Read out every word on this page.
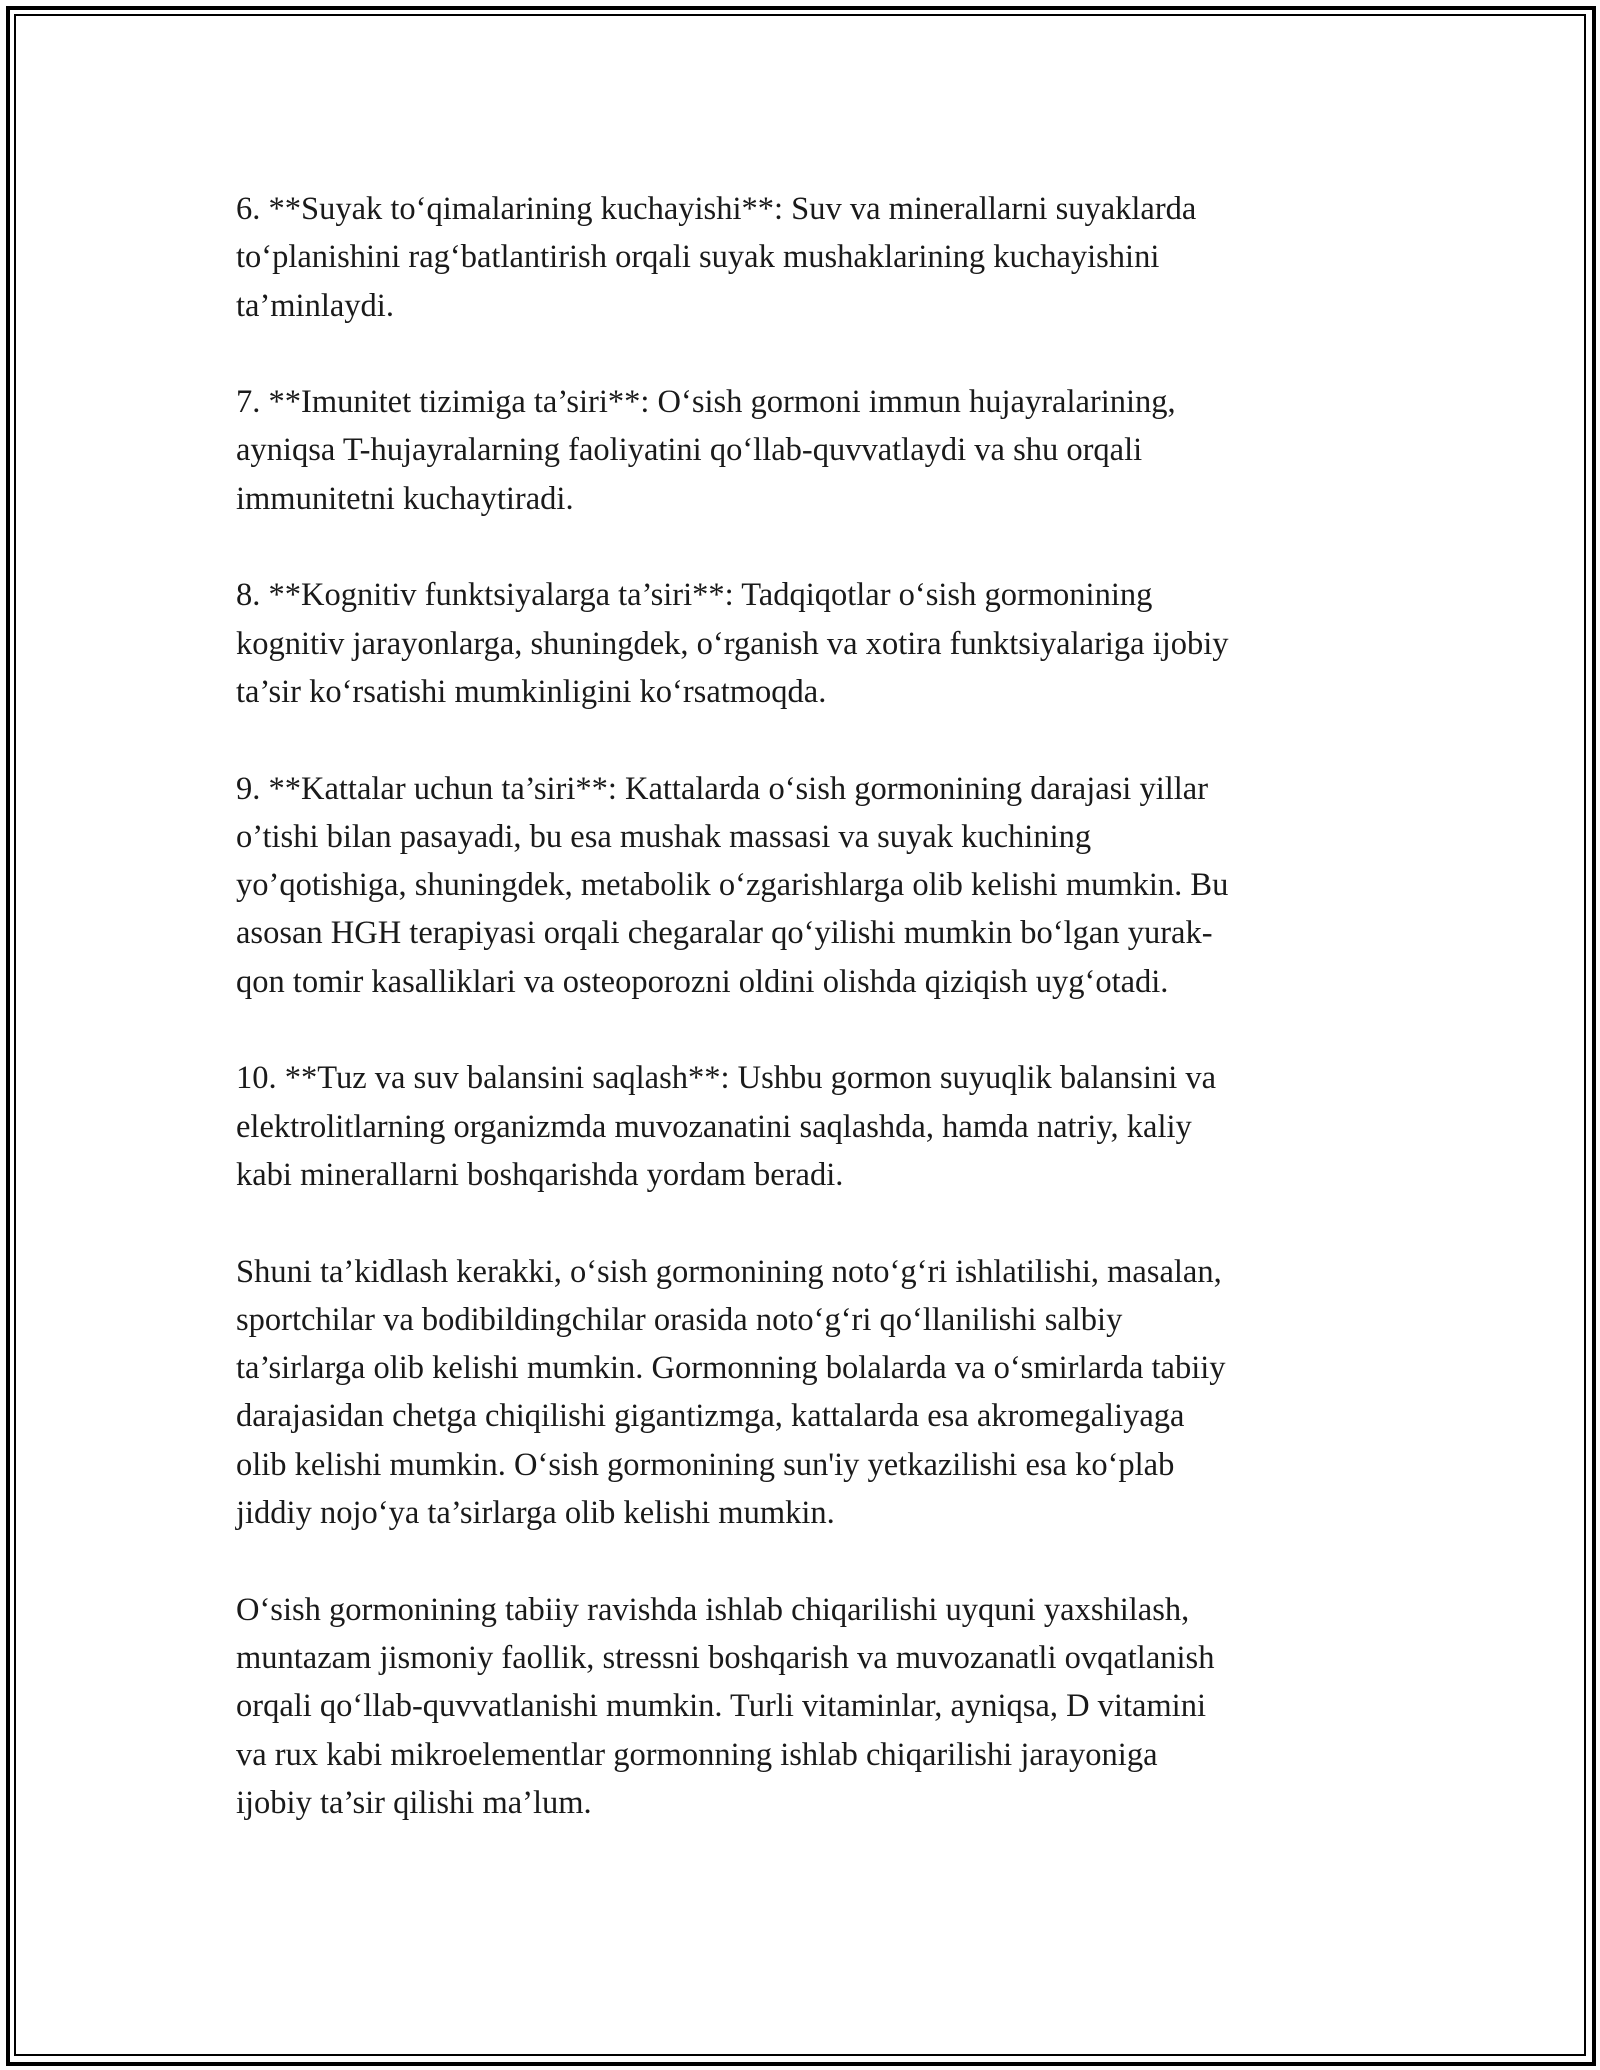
6. **Suyak to‘qimalarining kuchayishi**: Suv va minerallarni suyaklarda
to‘planishini rag‘batlantirish orqali suyak mushaklarining kuchayishini
ta’minlaydi.

7. **Imunitet tizimiga ta’siri**: O‘sish gormoni immun hujayralarining,
ayniqsa T-hujayralarning faoliyatini qo‘llab-quvvatlaydi va shu orqali
immunitetni kuchaytiradi.

8. **Kognitiv funktsiyalarga ta’siri**: Tadqiqotlar o‘sish gormonining
kognitiv jarayonlarga, shuningdek, o‘rganish va xotira funktsiyalariga ijobiy
ta’sir ko‘rsatishi mumkinligini ko‘rsatmoqda.

9. **Kattalar uchun ta’siri**: Kattalarda o‘sish gormonining darajasi yillar
o’tishi bilan pasayadi, bu esa mushak massasi va suyak kuchining
yo’qotishiga, shuningdek, metabolik o‘zgarishlarga olib kelishi mumkin. Bu
asosan HGH terapiyasi orqali chegaralar qo‘yilishi mumkin bo‘lgan yurak-
qon tomir kasalliklari va osteoporozni oldini olishda qiziqish uyg‘otadi.

10. **Tuz va suv balansini saqlash**: Ushbu gormon suyuqlik balansini va
elektrolitlarning organizmda muvozanatini saqlashda, hamda natriy, kaliy
kabi minerallarni boshqarishda yordam beradi.

Shuni ta’kidlash kerakki, o‘sish gormonining noto‘g‘ri ishlatilishi, masalan,
sportchilar va bodibildingchilar orasida noto‘g‘ri qo‘llanilishi salbiy
ta’sirlarga olib kelishi mumkin. Gormonning bolalarda va o‘smirlarda tabiiy
darajasidan chetga chiqilishi gigantizmga, kattalarda esa akromegaliyaga
olib kelishi mumkin. O‘sish gormonining sun'iy yetkazilishi esa ko‘plab
jiddiy nojo‘ya ta’sirlarga olib kelishi mumkin.

O‘sish gormonining tabiiy ravishda ishlab chiqarilishi uyquni yaxshilash,
muntazam jismoniy faollik, stressni boshqarish va muvozanatli ovqatlanish
orqali qo‘llab-quvvatlanishi mumkin. Turli vitaminlar, ayniqsa, D vitamini
va rux kabi mikroelementlar gormonning ishlab chiqarilishi jarayoniga
ijobiy ta’sir qilishi ma’lum.
